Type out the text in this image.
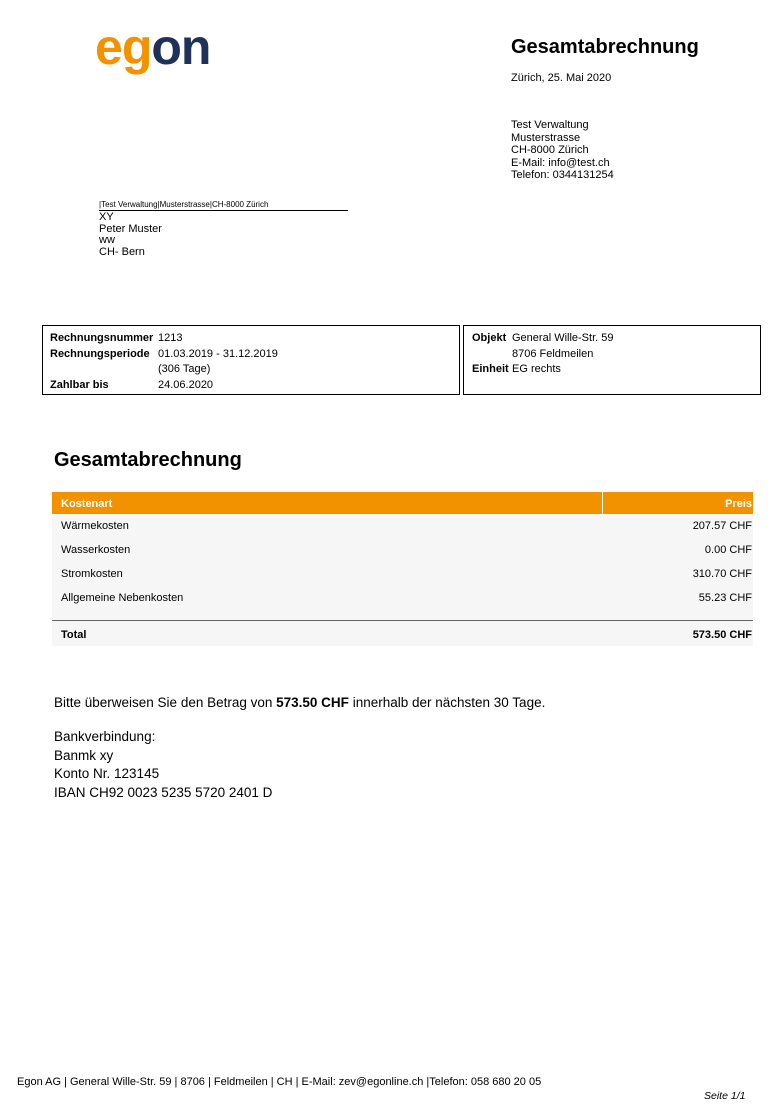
egon	Gesamtabrechnung
Zürich, 25. Mai 2020
Test Verwaltung
Musterstrasse
CH-8000 Zürich
E-Mail: info@test.ch
Telefon: 0344131254
|Test Verwaltung|Musterstrasse|CH-8000 Zürich
XY
Peter Muster
ww
CH- Bern
Rechnungsnummer 1213
Rechnungsperiode 01.03.2019 - 31.12.2019
(306 Tage)
Zahlbar bis	24.06.2020
Objekt General Wille-Str. 59
8706 Feldmeilen
Einheit EG rechts
Gesamtabrechnung
Kostenart	Preis
Wärmekosten	207.57 CHF
Wasserkosten	0.00 CHF
Stromkosten	310.70 CHF
Allgemeine Nebenkosten	55.23 CHF
Total	573.50 CHF
Bitte überweisen Sie den Betrag von 573.50 CHF innerhalb der nächsten 30 Tage.
Bankverbindung:
Banmk xy
Konto Nr. 123145
IBAN CH92 0023 5235 5720 2401 D
Egon AG | General Wille-Str. 59 | 8706 | Feldmeilen | CH | E-Mail: zev@egonline.ch |Telefon: 058 680 20 05
Seite 1/1
